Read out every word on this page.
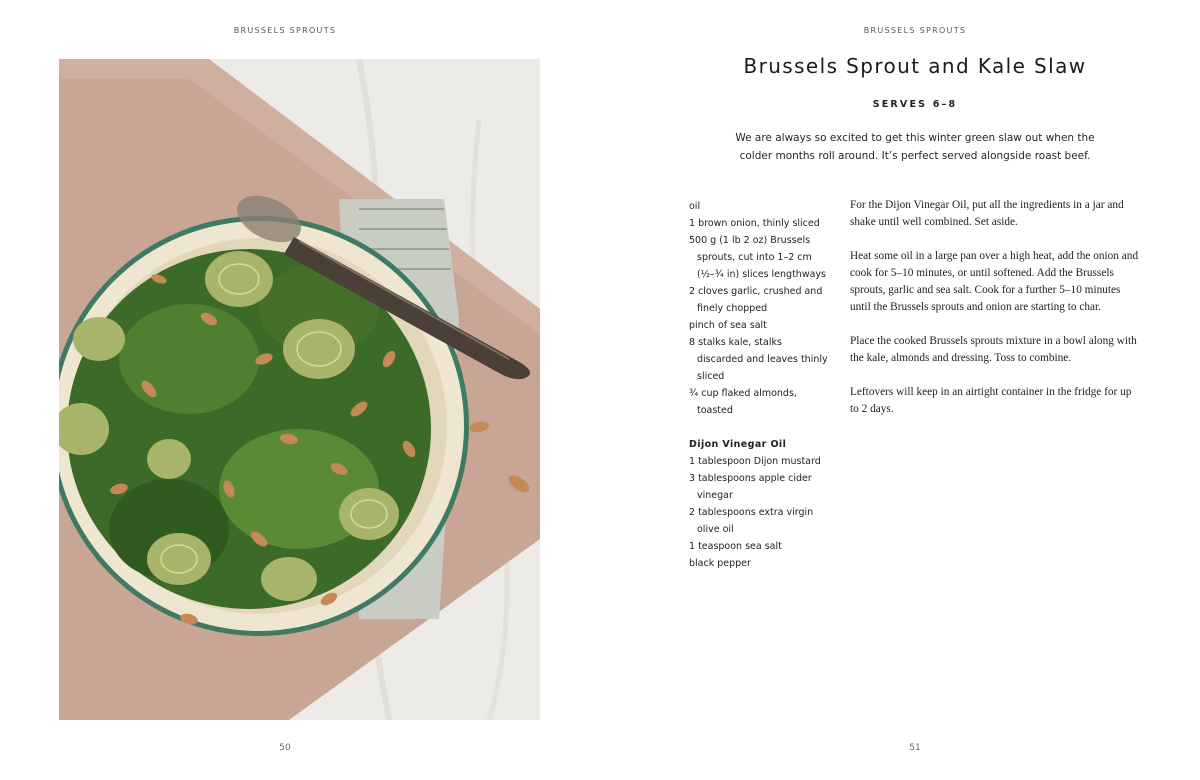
BRUSSELS SPROUTS
50
BRUSSELS SPROUTS
Brussels Sprout and Kale Slaw
SERVES 6–8
We are always so excited to get this winter green slaw out when the colder months roll around. It’s perfect served alongside roast beef.
oil
1 brown onion, thinly sliced
500 g (1 lb 2 oz) Brussels sprouts, cut into 1–2 cm (½–¾ in) slices lengthways
2 cloves garlic, crushed and finely chopped
pinch of sea salt
8 stalks kale, stalks discarded and leaves thinly sliced
¾ cup flaked almonds, toasted
Dijon Vinegar Oil
1 tablespoon Dijon mustard
3 tablespoons apple cider vinegar
2 tablespoons extra virgin olive oil
1 teaspoon sea salt
black pepper

For the Dijon Vinegar Oil, put all the ingredients in a jar and shake until well combined. Set aside.

Heat some oil in a large pan over a high heat, add the onion and cook for 5–10 minutes, or until softened. Add the Brussels sprouts, garlic and sea salt. Cook for a further 5–10 minutes until the Brussels sprouts and onion are starting to char.

Place the cooked Brussels sprouts mixture in a bowl along with the kale, almonds and dressing. Toss to combine.

Leftovers will keep in an airtight container in the fridge for up to 2 days.

51
